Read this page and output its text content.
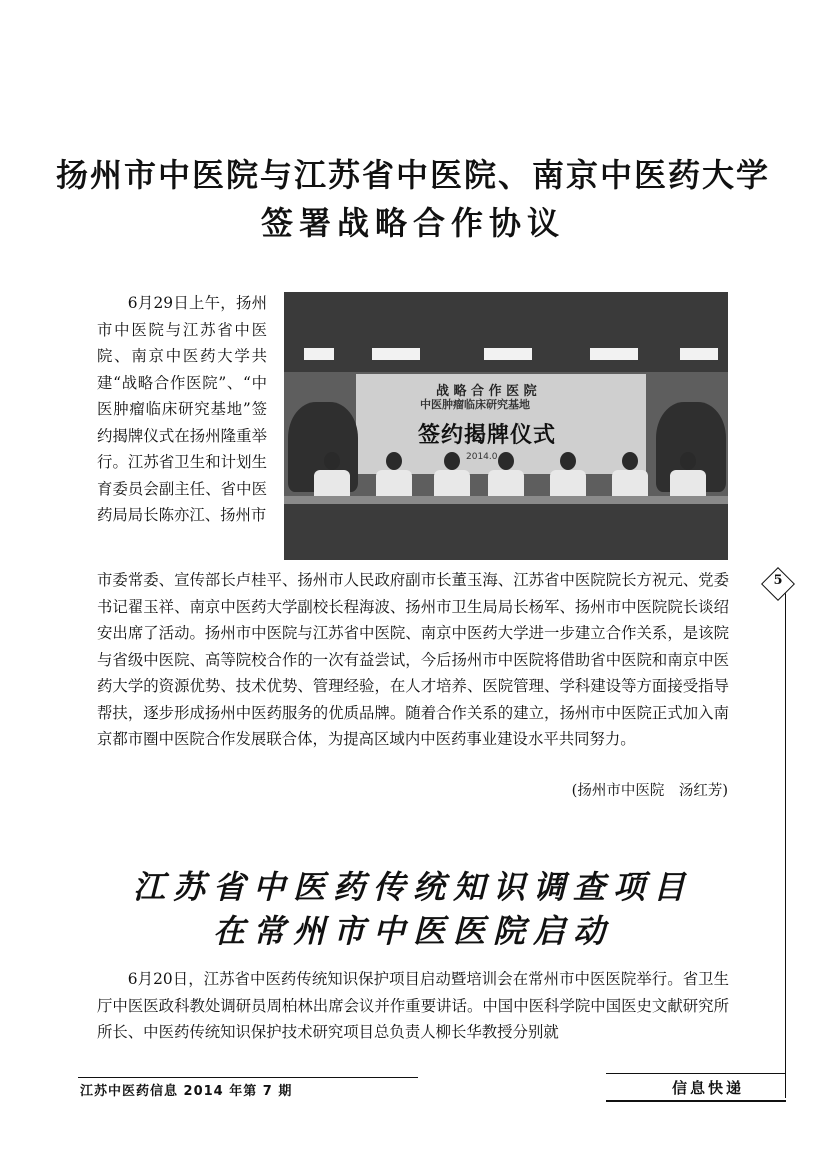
扬州市中医院与江苏省中医院、南京中医药大学
签署战略合作协议
6月29日上午，扬州市中医院与江苏省中医院、南京中医药大学共建“战略合作医院”、“中医肿瘤临床研究基地”签约揭牌仪式在扬州隆重举行。江苏省卫生和计划生育委员会副主任、省中医药局局长陈亦江、扬州市
战 略 合 作 医 院
中医肿瘤临床研究基地
签约揭牌仪式
2014.0
市委常委、宣传部长卢桂平、扬州市人民政府副市长董玉海、江苏省中医院院长方祝元、党委书记翟玉祥、南京中医药大学副校长程海波、扬州市卫生局局长杨军、扬州市中医院院长谈绍安出席了活动。扬州市中医院与江苏省中医院、南京中医药大学进一步建立合作关系，是该院与省级中医院、高等院校合作的一次有益尝试，今后扬州市中医院将借助省中医院和南京中医药大学的资源优势、技术优势、管理经验，在人才培养、医院管理、学科建设等方面接受指导帮扶，逐步形成扬州中医药服务的优质品牌。随着合作关系的建立，扬州市中医院正式加入南京都市圈中医院合作发展联合体，为提高区域内中医药事业建设水平共同努力。
(扬州市中医院　汤红芳)
江苏省中医药传统知识调查项目
在常州市中医医院启动
6月20日，江苏省中医药传统知识保护项目启动暨培训会在常州市中医医院举行。省卫生厅中医医政科教处调研员周柏林出席会议并作重要讲话。中国中医科学院中国医史文献研究所所长、中医药传统知识保护技术研究项目总负责人柳长华教授分别就
5
江苏中医药信息 2014 年第 7 期	信息快递
